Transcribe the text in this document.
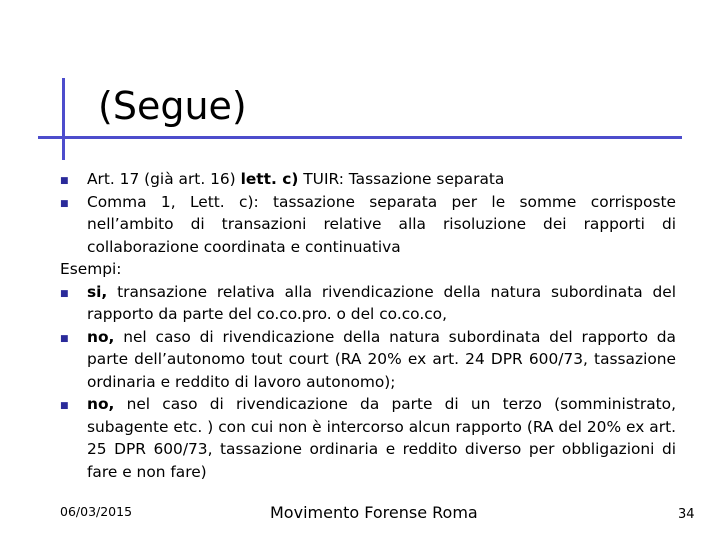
(Segue)
■ Art. 17 (già art. 16) lett. c) TUIR: Tassazione separata
■ Comma 1, Lett. c): tassazione separata per le somme corrisposte nell’ambito di transazioni relative alla risoluzione dei rapporti di collaborazione coordinata e continuativa
Esempi:
■ si, transazione relativa alla rivendicazione della natura subordinata del rapporto da parte del co.co.pro. o del co.co.co,
■ no, nel caso di rivendicazione della natura subordinata del rapporto da parte dell’autonomo tout court (RA 20% ex art. 24 DPR 600/73, tassazione ordinaria e reddito di lavoro autonomo);
■ no, nel caso di rivendicazione da parte di un terzo (somministrato, subagente etc. ) con cui non è intercorso alcun rapporto (RA del 20% ex art. 25 DPR 600/73, tassazione ordinaria e reddito diverso per obbligazioni di fare e non fare)
06/03/2015	Movimento Forense Roma	34
